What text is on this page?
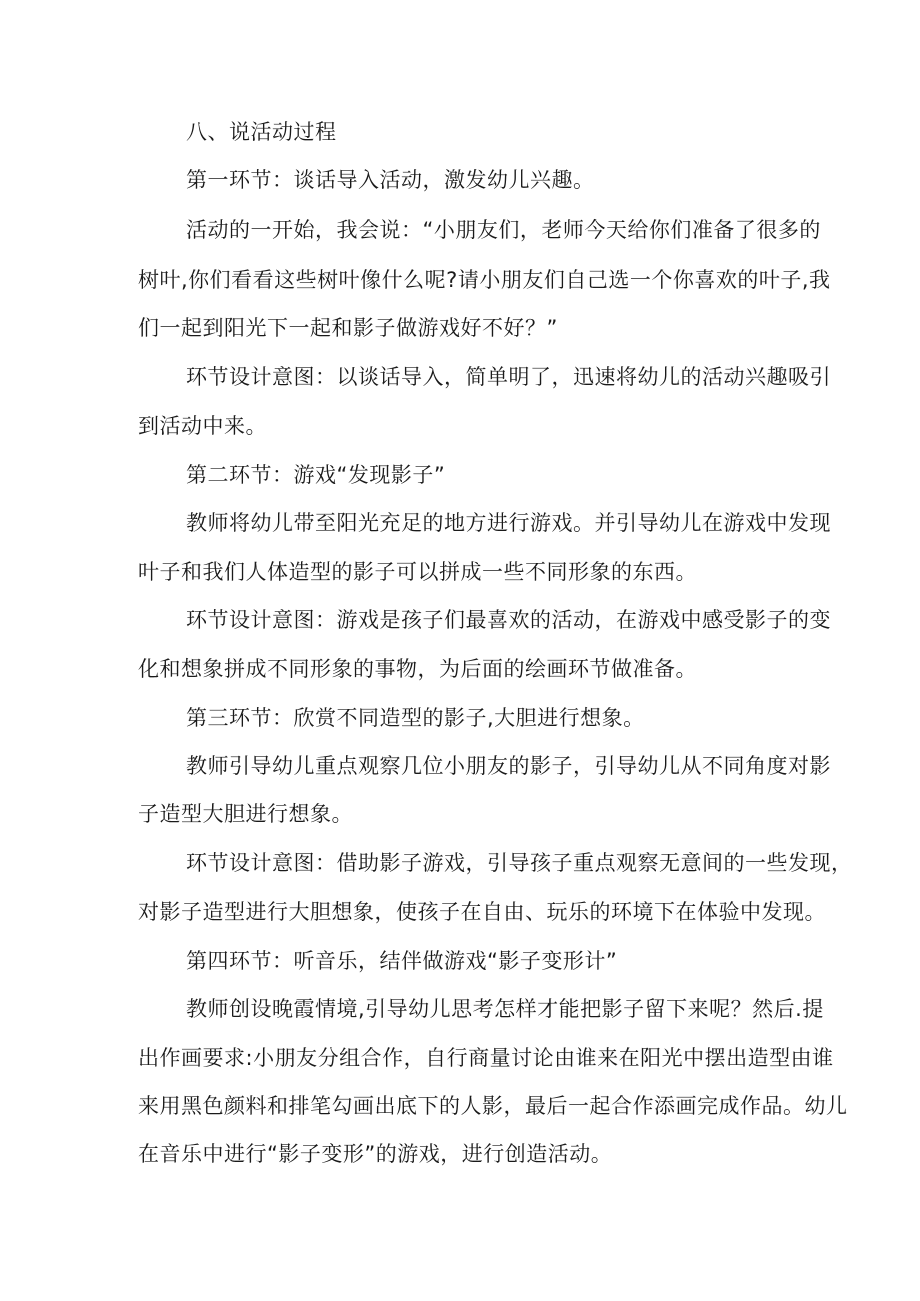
八、说活动过程
第一环节：谈话导入活动，激发幼儿兴趣。
活动的一开始，我会说：“小朋友们，老师今天给你们准备了很多的
树叶,你们看看这些树叶像什么呢?请小朋友们自己选一个你喜欢的叶子,我
们一起到阳光下一起和影子做游戏好不好？”
环节设计意图：以谈话导入，简单明了，迅速将幼儿的活动兴趣吸引
到活动中来。
第二环节：游戏“发现影子”
教师将幼儿带至阳光充足的地方进行游戏。并引导幼儿在游戏中发现
叶子和我们人体造型的影子可以拼成一些不同形象的东西。
环节设计意图：游戏是孩子们最喜欢的活动，在游戏中感受影子的变
化和想象拼成不同形象的事物，为后面的绘画环节做准备。
第三环节：欣赏不同造型的影子,大胆进行想象。
教师引导幼儿重点观察几位小朋友的影子，引导幼儿从不同角度对影
子造型大胆进行想象。
环节设计意图：借助影子游戏，引导孩子重点观察无意间的一些发现，
对影子造型进行大胆想象，使孩子在自由、玩乐的环境下在体验中发现。
第四环节：听音乐，结伴做游戏“影子变形计”
教师创设晚霞情境,引导幼儿思考怎样才能把影子留下来呢？然后.提
出作画要求:小朋友分组合作，自行商量讨论由谁来在阳光中摆出造型由谁
来用黑色颜料和排笔勾画出底下的人影，最后一起合作添画完成作品。幼儿
在音乐中进行“影子变形”的游戏，进行创造活动。
